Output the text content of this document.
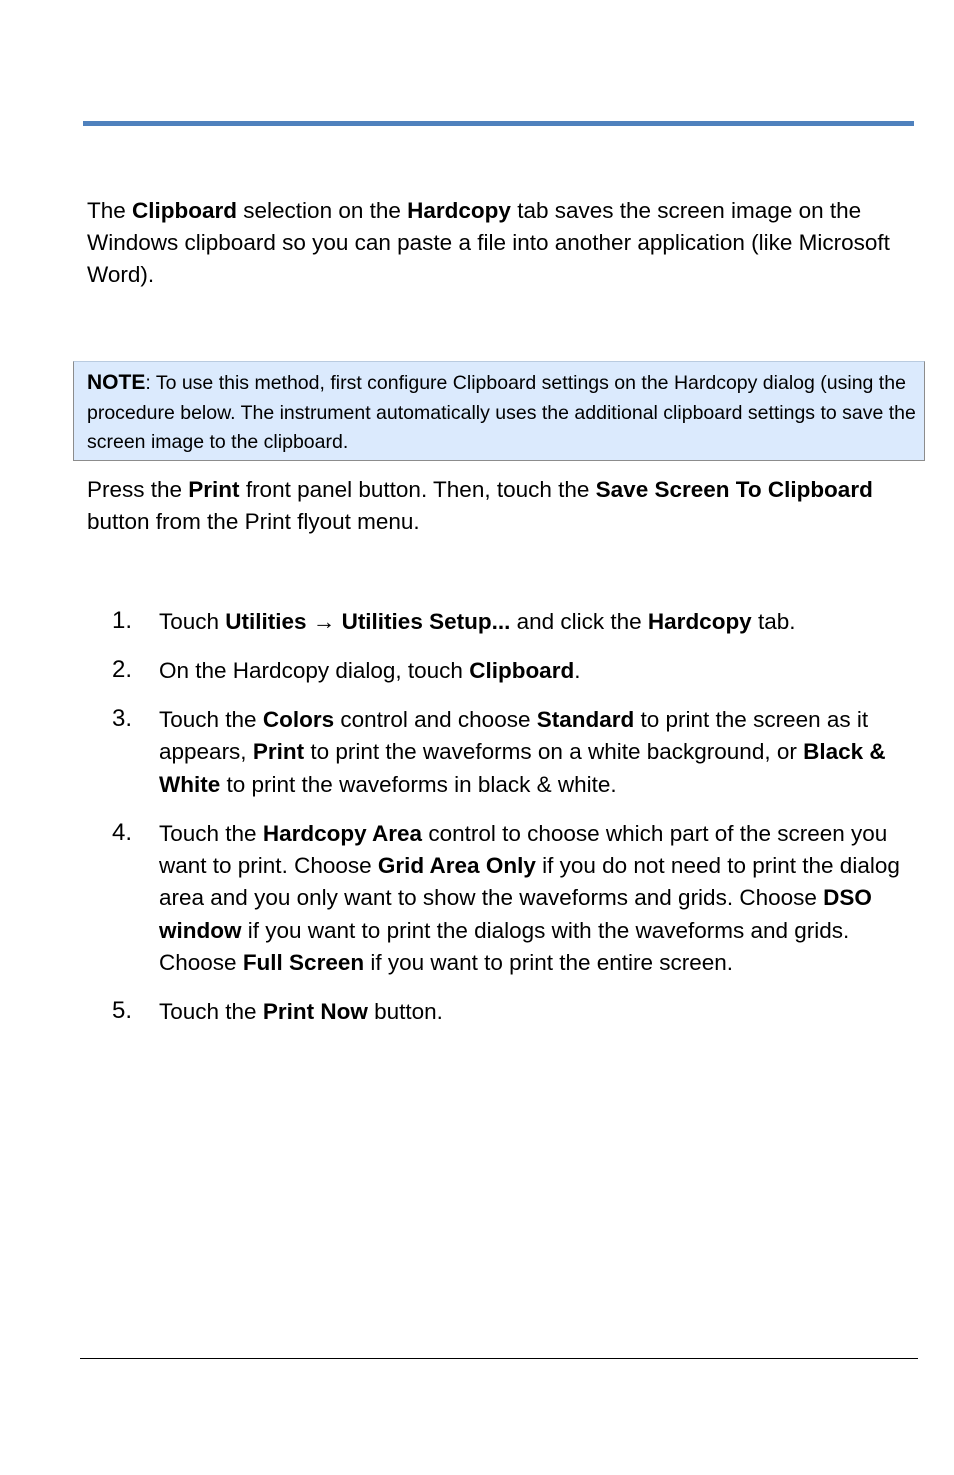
The Clipboard selection on the Hardcopy tab saves the screen image on the Windows clipboard so you can paste a file into another application (like Microsoft Word).

NOTE: To use this method, first configure Clipboard settings on the Hardcopy dialog (using the procedure below. The instrument automatically uses the additional clipboard settings to save the screen image to the clipboard.

Press the Print front panel button. Then, touch the Save Screen To Clipboard button from the Print flyout menu.

1. Touch Utilities → Utilities Setup... and click the Hardcopy tab.
2. On the Hardcopy dialog, touch Clipboard.
3. Touch the Colors control and choose Standard to print the screen as it appears, Print to print the waveforms on a white background, or Black & White to print the waveforms in black & white.
4. Touch the Hardcopy Area control to choose which part of the screen you want to print. Choose Grid Area Only if you do not need to print the dialog area and you only want to show the waveforms and grids. Choose DSO window if you want to print the dialogs with the waveforms and grids. Choose Full Screen if you want to print the entire screen.
5. Touch the Print Now button.
